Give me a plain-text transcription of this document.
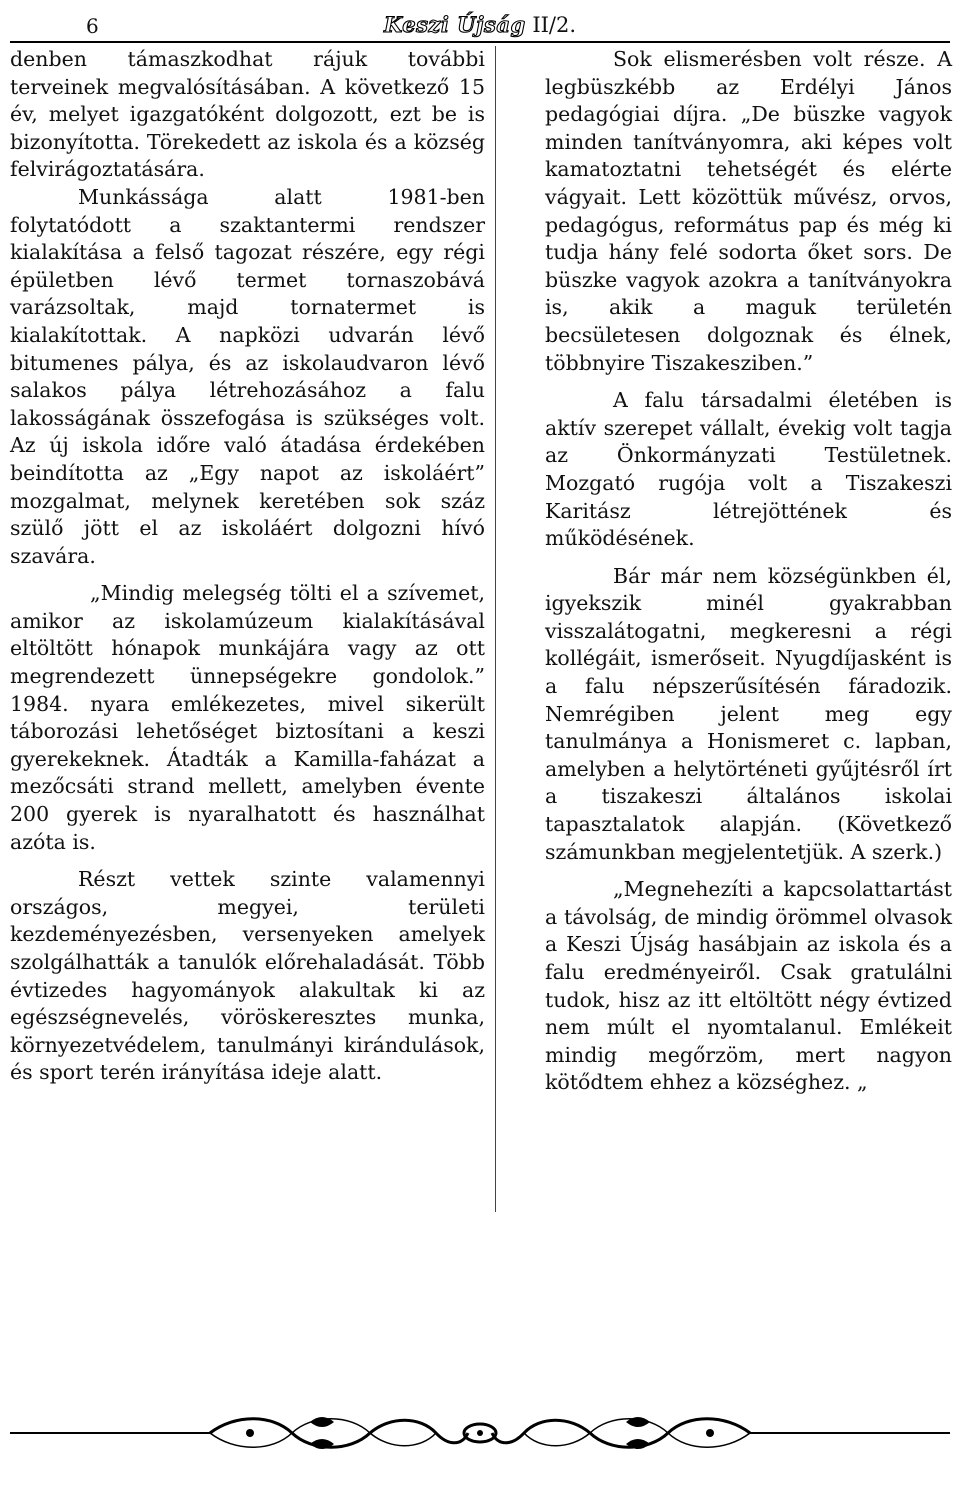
6	Keszi Újság II/2.

denben támaszkodhat rájuk további terveinek megvalósításában. A következő 15 év, melyet igazgatóként dolgozott, ezt be is bizonyította. Törekedett az iskola és a község felvirágoztatására.

Munkássága alatt 1981-ben folytatódott a szaktantermi rendszer kialakítása a felső tagozat részére, egy régi épületben lévő termet tornaszobává varázsoltak, majd tornatermet is kialakítottak. A napközi udvarán lévő bitumenes pálya, és az iskolaudvaron lévő salakos pálya létrehozásához a falu lakosságának összefogása is szükséges volt. Az új iskola időre való átadása érdekében beindította az „Egy napot az iskoláért” mozgalmat, melynek keretében sok száz szülő jött el az iskoláért dolgozni hívó szavára.

„Mindig melegség tölti el a szívemet, amikor az iskolamúzeum kialakításával eltöltött hónapok munkájára vagy az ott megrendezett ünnepségekre gondolok.” 1984. nyara emlékezetes, mivel sikerült táborozási lehetőséget biztosítani a keszi gyerekeknek. Átadták a Kamilla-faházat a mezőcsáti strand mellett, amelyben évente 200 gyerek is nyaralhatott és használhat azóta is.

Részt vettek szinte valamennyi országos, megyei, területi kezdeményezésben, versenyeken amelyek szolgálhatták a tanulók előrehaladását. Több évtizedes hagyományok alakultak ki az egészségnevelés, vöröskeresztes munka, környezetvédelem, tanulmányi kirándulások, és sport terén irányítása ideje alatt.

Sok elismerésben volt része. A legbüszkébb az Erdélyi János pedagógiai díjra. „De büszke vagyok minden tanítványomra, aki képes volt kamatoztatni tehetségét és elérte vágyait. Lett közöttük művész, orvos, pedagógus, református pap és még ki tudja hány felé sodorta őket sors. De büszke vagyok azokra a tanítványokra is, akik a maguk területén becsületesen dolgoznak és élnek, többnyire Tiszakesziben.”

A falu társadalmi életében is aktív szerepet vállalt, évekig volt tagja az Önkormányzati Testületnek. Mozgató rugója volt a Tiszakeszi Karitász létrejöttének és működésének.

Bár már nem községünkben él, igyekszik minél gyakrabban visszalátogatni, megkeresni a régi kollégáit, ismerőseit. Nyugdíjasként is a falu népszerűsítésén fáradozik. Nemrégiben jelent meg egy tanulmánya a Honismeret c. lapban, amelyben a helytörténeti gyűjtésről írt a tiszakeszi általános iskolai tapasztalatok alapján. (Következő számunkban megjelentetjük. A szerk.)

„Megnehezíti a kapcsolattartást a távolság, de mindig örömmel olvasok a Keszi Újság hasábjain az iskola és a falu eredményeiről. Csak gratulálni tudok, hisz az itt eltöltött négy évtized nem múlt el nyomtalanul. Emlékeit mindig megőrzöm, mert nagyon kötődtem ehhez a községhez. „
